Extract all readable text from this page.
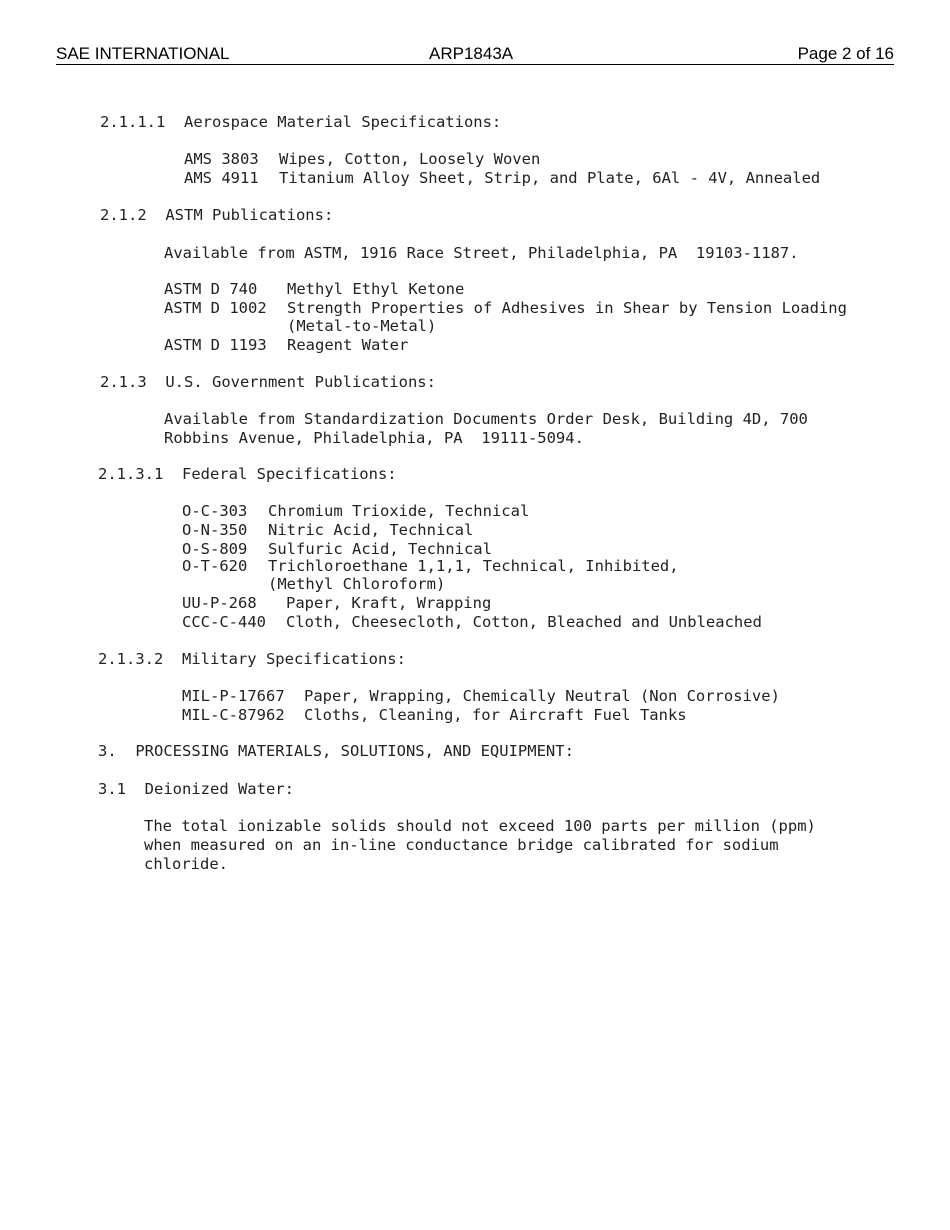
SAE INTERNATIONAL	ARP1843A	Page 2 of 16
2.1.1.1  Aerospace Material Specifications:
AMS 3803 Wipes, Cotton, Loosely Woven
AMS 4911 Titanium Alloy Sheet, Strip, and Plate, 6Al - 4V, Annealed
2.1.2  ASTM Publications:
Available from ASTM, 1916 Race Street, Philadelphia, PA  19103-1187.
ASTM D 740 Methyl Ethyl Ketone
ASTM D 1002 Strength Properties of Adhesives in Shear by Tension Loading
(Metal-to-Metal)
ASTM D 1193 Reagent Water
2.1.3  U.S. Government Publications:
Available from Standardization Documents Order Desk, Building 4D, 700
Robbins Avenue, Philadelphia, PA  19111-5094.
2.1.3.1  Federal Specifications:
O-C-303 Chromium Trioxide, Technical
O-N-350 Nitric Acid, Technical
O-S-809 Sulfuric Acid, Technical
O-T-620 Trichloroethane 1,1,1, Technical, Inhibited,
(Methyl Chloroform)
UU-P-268 Paper, Kraft, Wrapping
CCC-C-440 Cloth, Cheesecloth, Cotton, Bleached and Unbleached
2.1.3.2  Military Specifications:
MIL-P-17667 Paper, Wrapping, Chemically Neutral (Non Corrosive)
MIL-C-87962 Cloths, Cleaning, for Aircraft Fuel Tanks
3.  PROCESSING MATERIALS, SOLUTIONS, AND EQUIPMENT:
3.1  Deionized Water:
The total ionizable solids should not exceed 100 parts per million (ppm)
when measured on an in-line conductance bridge calibrated for sodium
chloride.
